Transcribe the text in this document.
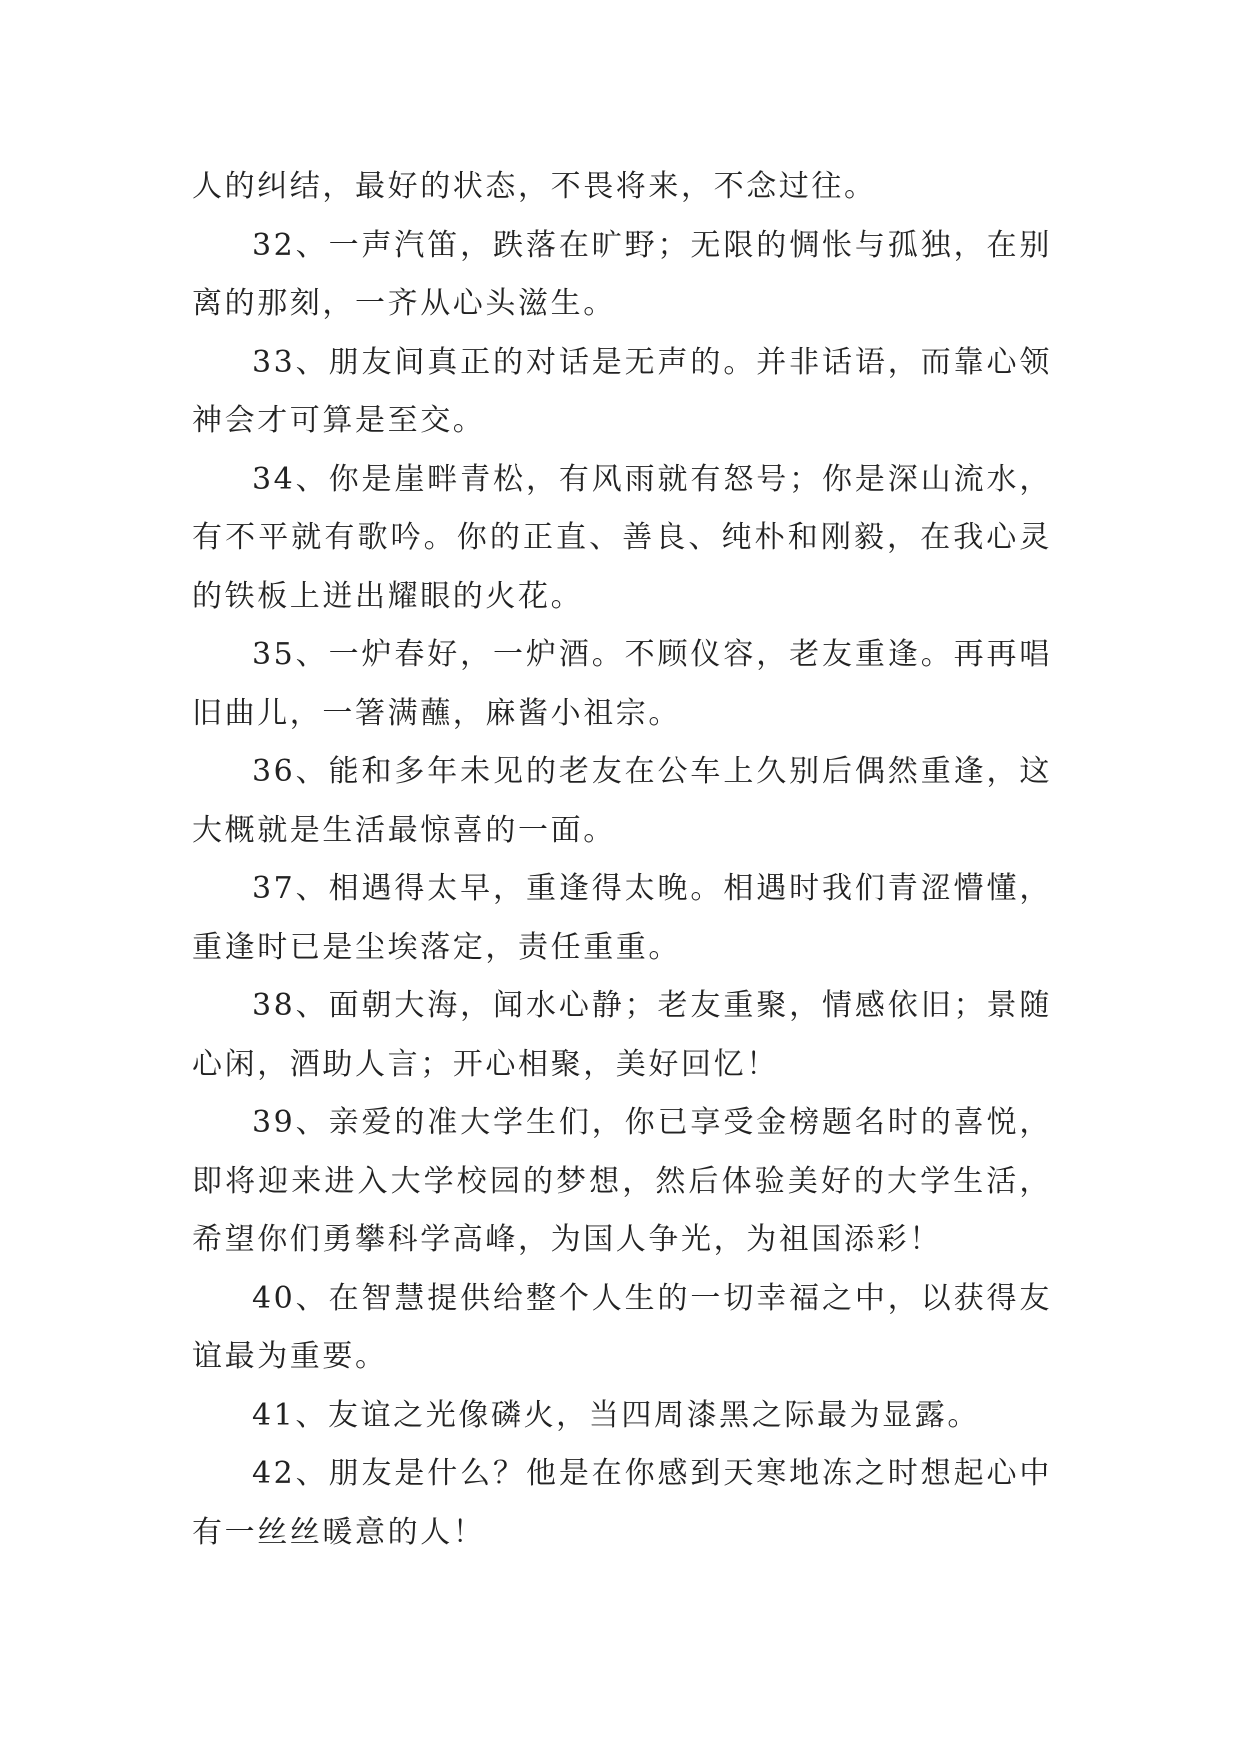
人的纠结，最好的状态，不畏将来，不念过往。

32、一声汽笛，跌落在旷野；无限的惆怅与孤独，在别离的那刻，一齐从心头滋生。

33、朋友间真正的对话是无声的。并非话语，而靠心领神会才可算是至交。

34、你是崖畔青松，有风雨就有怒号；你是深山流水，有不平就有歌吟。你的正直、善良、纯朴和刚毅，在我心灵的铁板上迸出耀眼的火花。

35、一炉春好，一炉酒。不顾仪容，老友重逢。再再唱旧曲儿，一箸满蘸，麻酱小祖宗。

36、能和多年未见的老友在公车上久别后偶然重逢，这大概就是生活最惊喜的一面。

37、相遇得太早，重逢得太晚。相遇时我们青涩懵懂，重逢时已是尘埃落定，责任重重。

38、面朝大海，闻水心静；老友重聚，情感依旧；景随心闲，酒助人言；开心相聚，美好回忆！

39、亲爱的准大学生们，你已享受金榜题名时的喜悦，即将迎来进入大学校园的梦想，然后体验美好的大学生活，希望你们勇攀科学高峰，为国人争光，为祖国添彩！

40、在智慧提供给整个人生的一切幸福之中，以获得友谊最为重要。

41、友谊之光像磷火，当四周漆黑之际最为显露。

42、朋友是什么？他是在你感到天寒地冻之时想起心中有一丝丝暖意的人！
